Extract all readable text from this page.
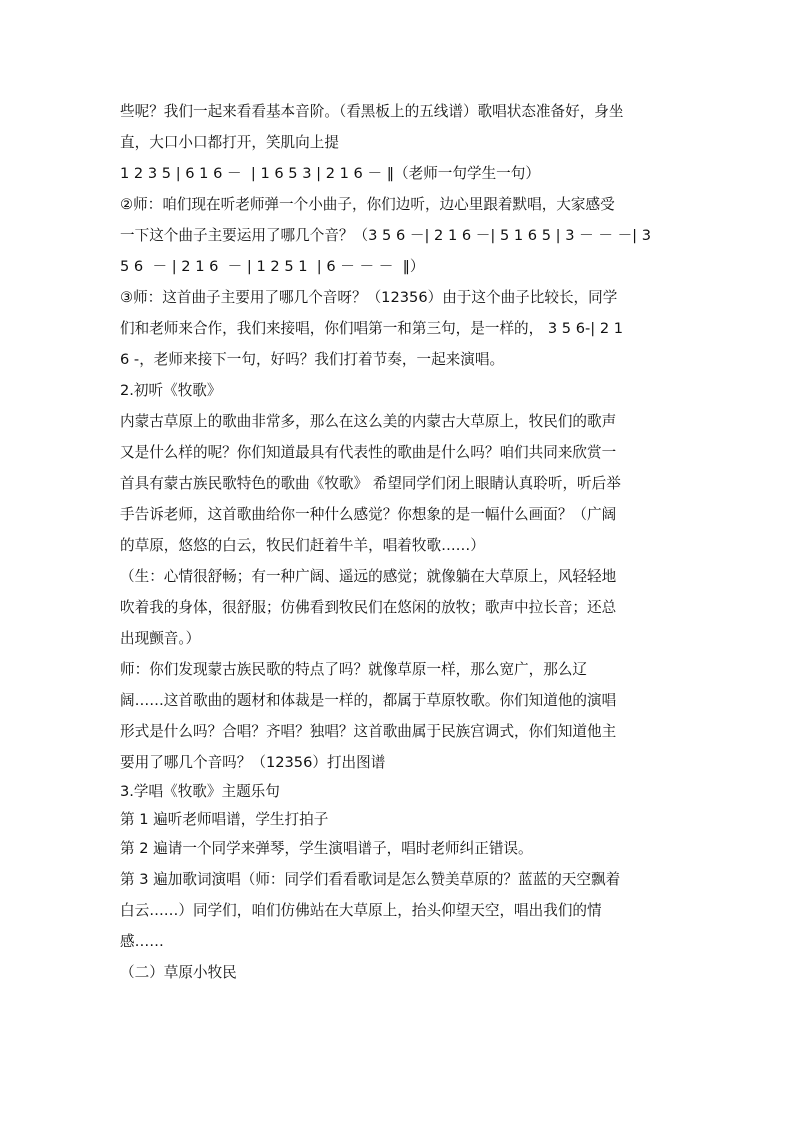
些呢？我们一起来看看基本音阶。（看黑板上的五线谱）歌唱状态准备好，身坐

直，大口小口都打开，笑肌向上提

1 2 3 5 | 6 1 6 －  | 1 6 5 3 | 2 1 6 － ‖（老师一句学生一句）

②师：咱们现在听老师弹一个小曲子，你们边听，边心里跟着默唱，大家感受

一下这个曲子主要运用了哪几个音？（3 5 6 －| 2 1 6 －| 5 1 6 5 | 3 － － －| 3

5 6  － | 2 1 6  － | 1 2 5 1  | 6 － － －  ‖）

③师：这首曲子主要用了哪几个音呀？（12356）由于这个曲子比较长，同学

们和老师来合作，我们来接唱，你们唱第一和第三句，是一样的， 3 5 6-| 2 1

6 -，老师来接下一句，好吗？我们打着节奏，一起来演唱。

2.初听《牧歌》

内蒙古草原上的歌曲非常多，那么在这么美的内蒙古大草原上，牧民们的歌声

又是什么样的呢？你们知道最具有代表性的歌曲是什么吗？咱们共同来欣赏一

首具有蒙古族民歌特色的歌曲《牧歌》 希望同学们闭上眼睛认真聆听，听后举

手告诉老师，这首歌曲给你一种什么感觉？你想象的是一幅什么画面？（广阔

的草原，悠悠的白云，牧民们赶着牛羊，唱着牧歌……）

（生：心情很舒畅；有一种广阔、遥远的感觉；就像躺在大草原上，风轻轻地

吹着我的身体，很舒服；仿佛看到牧民们在悠闲的放牧；歌声中拉长音；还总

出现颤音。）

师：你们发现蒙古族民歌的特点了吗？就像草原一样，那么宽广，那么辽

阔……这首歌曲的题材和体裁是一样的，都属于草原牧歌。你们知道他的演唱

形式是什么吗？合唱？齐唱？独唱？这首歌曲属于民族宫调式，你们知道他主

要用了哪几个音吗？（12356）打出图谱

3.学唱《牧歌》主题乐句

第 1 遍听老师唱谱，学生打拍子

第 2 遍请一个同学来弹琴，学生演唱谱子，唱时老师纠正错误。

第 3 遍加歌词演唱（师：同学们看看歌词是怎么赞美草原的？蓝蓝的天空飘着

白云……）同学们，咱们仿佛站在大草原上，抬头仰望天空，唱出我们的情

感……

（二）草原小牧民
